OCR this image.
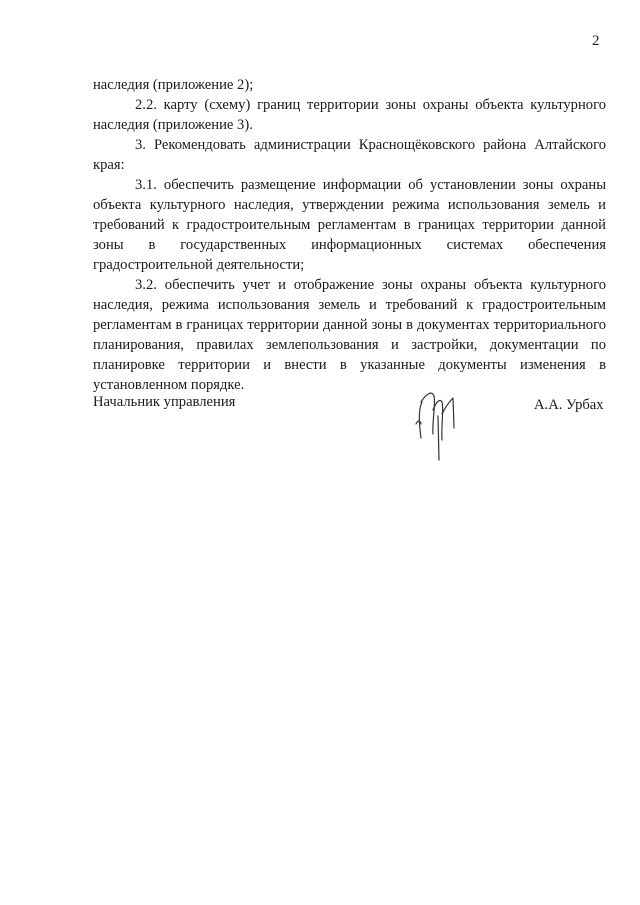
2

наследия (приложение 2);

2.2. карту (схему) границ территории зоны охраны объекта культурного наследия (приложение 3).

3. Рекомендовать администрации Краснощёковского района Алтайского края:

3.1. обеспечить размещение информации об установлении зоны охраны объекта культурного наследия, утверждении режима использования земель и требований к градостроительным регламентам в границах территории данной зоны в государственных информационных системах обеспечения градостроительной деятельности;

3.2. обеспечить учет и отображение зоны охраны объекта культурного наследия, режима использования земель и требований к градостроительным регламентам в границах территории данной зоны в документах территориального планирования, правилах землепользования и застройки, документации по планировке территории и внести в указанные документы изменения в установленном порядке.

Начальник управления	А.А. Урбах
